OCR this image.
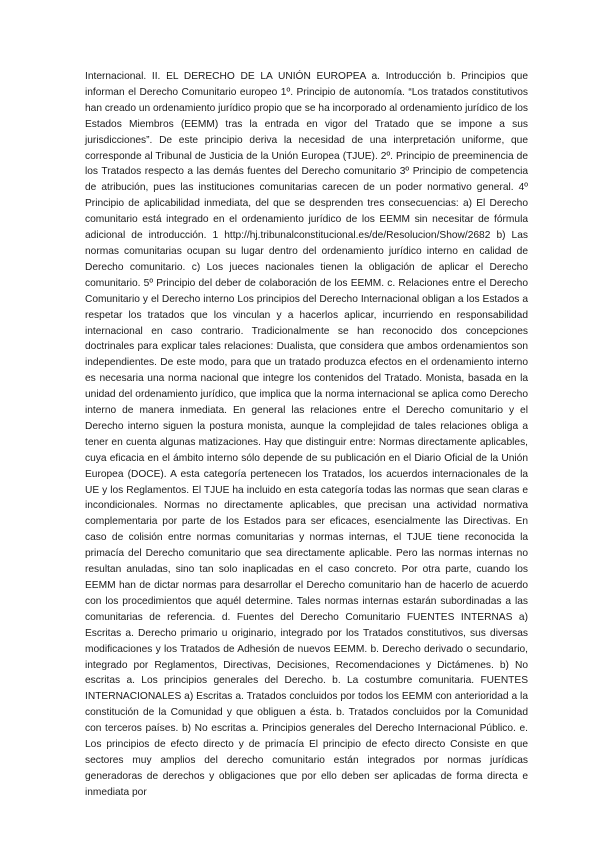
Internacional. II. EL DERECHO DE LA UNIÓN EUROPEA a. Introducción b. Principios que informan el Derecho Comunitario europeo 1º. Principio de autonomía. “Los tratados constitutivos han creado un ordenamiento jurídico propio que se ha incorporado al ordenamiento jurídico de los Estados Miembros (EEMM) tras la entrada en vigor del Tratado que se impone a sus jurisdicciones”. De este principio deriva la necesidad de una interpretación uniforme, que corresponde al Tribunal de Justicia de la Unión Europea (TJUE). 2º. Principio de preeminencia de los Tratados respecto a las demás fuentes del Derecho comunitario 3º Principio de competencia de atribución, pues las instituciones comunitarias carecen de un poder normativo general. 4º Principio de aplicabilidad inmediata, del que se desprenden tres consecuencias: a) El Derecho comunitario está integrado en el ordenamiento jurídico de los EEMM sin necesitar de fórmula adicional de introducción. 1 http://hj.tribunalconstitucional.es/de/Resolucion/Show/2682 b) Las normas comunitarias ocupan su lugar dentro del ordenamiento jurídico interno en calidad de Derecho comunitario. c) Los jueces nacionales tienen la obligación de aplicar el Derecho comunitario. 5º Principio del deber de colaboración de los EEMM. c. Relaciones entre el Derecho Comunitario y el Derecho interno Los principios del Derecho Internacional obligan a los Estados a respetar los tratados que los vinculan y a hacerlos aplicar, incurriendo en responsabilidad internacional en caso contrario. Tradicionalmente se han reconocido dos concepciones doctrinales para explicar tales relaciones: Dualista, que considera que ambos ordenamientos son independientes. De este modo, para que un tratado produzca efectos en el ordenamiento interno es necesaria una norma nacional que integre los contenidos del Tratado. Monista, basada en la unidad del ordenamiento jurídico, que implica que la norma internacional se aplica como Derecho interno de manera inmediata. En general las relaciones entre el Derecho comunitario y el Derecho interno siguen la postura monista, aunque la complejidad de tales relaciones obliga a tener en cuenta algunas matizaciones. Hay que distinguir entre: Normas directamente aplicables, cuya eficacia en el ámbito interno sólo depende de su publicación en el Diario Oficial de la Unión Europea (DOCE). A esta categoría pertenecen los Tratados, los acuerdos internacionales de la UE y los Reglamentos. El TJUE ha incluido en esta categoría todas las normas que sean claras e incondicionales. Normas no directamente aplicables, que precisan una actividad normativa complementaria por parte de los Estados para ser eficaces, esencialmente las Directivas. En caso de colisión entre normas comunitarias y normas internas, el TJUE tiene reconocida la primacía del Derecho comunitario que sea directamente aplicable. Pero las normas internas no resultan anuladas, sino tan solo inaplicadas en el caso concreto. Por otra parte, cuando los EEMM han de dictar normas para desarrollar el Derecho comunitario han de hacerlo de acuerdo con los procedimientos que aquél determine. Tales normas internas estarán subordinadas a las comunitarias de referencia. d. Fuentes del Derecho Comunitario FUENTES INTERNAS a) Escritas a. Derecho primario u originario, integrado por los Tratados constitutivos, sus diversas modificaciones y los Tratados de Adhesión de nuevos EEMM. b. Derecho derivado o secundario, integrado por Reglamentos, Directivas, Decisiones, Recomendaciones y Dictámenes. b) No escritas a. Los principios generales del Derecho. b. La costumbre comunitaria. FUENTES INTERNACIONALES a) Escritas a. Tratados concluidos por todos los EEMM con anterioridad a la constitución de la Comunidad y que obliguen a ésta. b. Tratados concluidos por la Comunidad con terceros países. b) No escritas a. Principios generales del Derecho Internacional Público. e. Los principios de efecto directo y de primacía El principio de efecto directo Consiste en que sectores muy amplios del derecho comunitario están integrados por normas jurídicas generadoras de derechos y obligaciones que por ello deben ser aplicadas de forma directa e inmediata por
